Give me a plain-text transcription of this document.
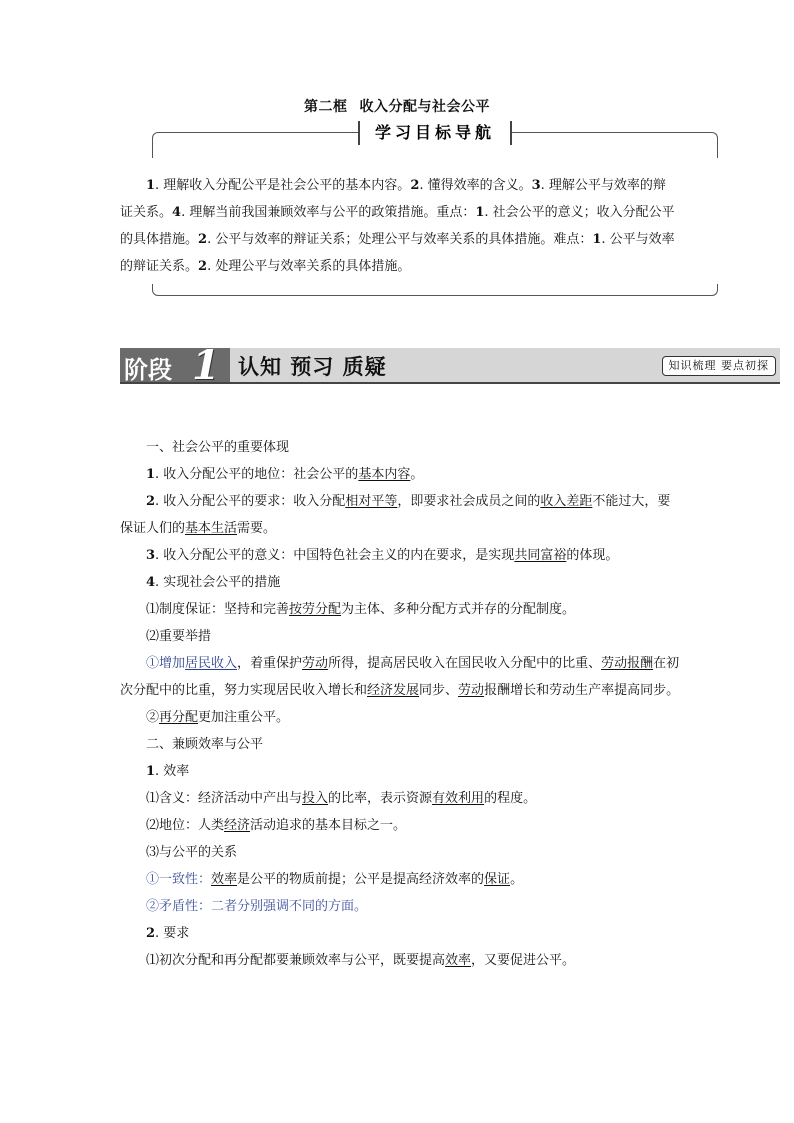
第二框 收入分配与社会公平
学习目标导航
1. 理解收入分配公平是社会公平的基本内容。2. 懂得效率的含义。3. 理解公平与效率的辩证关系。4. 理解当前我国兼顾效率与公平的政策措施。重点：1. 社会公平的意义；收入分配公平的具体措施。2. 公平与效率的辩证关系；处理公平与效率关系的具体措施。难点：1. 公平与效率的辩证关系。2. 处理公平与效率关系的具体措施。
阶段 1 认知 预习 质疑	知识梳理 要点初探

一、社会公平的重要体现

1. 收入分配公平的地位：社会公平的基本内容。

2. 收入分配公平的要求：收入分配相对平等，即要求社会成员之间的收入差距不能过大，要保证人们的基本生活需要。

3. 收入分配公平的意义：中国特色社会主义的内在要求，是实现共同富裕的体现。

4. 实现社会公平的措施

⑴制度保证：坚持和完善按劳分配为主体、多种分配方式并存的分配制度。

⑵重要举措

①增加居民收入，着重保护劳动所得，提高居民收入在国民收入分配中的比重、劳动报酬在初次分配中的比重，努力实现居民收入增长和经济发展同步、劳动报酬增长和劳动生产率提高同步。

②再分配更加注重公平。

二、兼顾效率与公平

1. 效率

⑴含义：经济活动中产出与投入的比率，表示资源有效利用的程度。

⑵地位：人类经济活动追求的基本目标之一。

⑶与公平的关系

①一致性：效率是公平的物质前提；公平是提高经济效率的保证。

②矛盾性：二者分别强调不同的方面。

2. 要求

⑴初次分配和再分配都要兼顾效率与公平，既要提高效率，又要促进公平。
